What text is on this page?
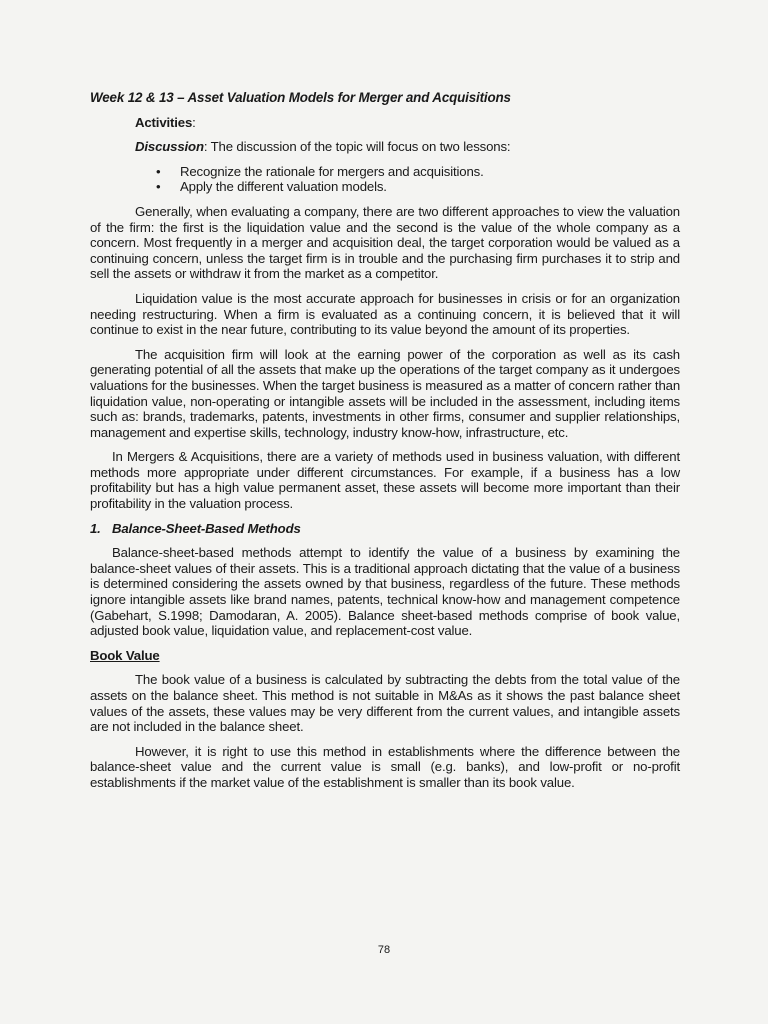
Week 12 & 13 – Asset Valuation Models for Merger and Acquisitions
Activities:
Discussion: The discussion of the topic will focus on two lessons:
• Recognize the rationale for mergers and acquisitions.
• Apply the different valuation models.

Generally, when evaluating a company, there are two different approaches to view the valuation of the firm: the first is the liquidation value and the second is the value of the whole company as a concern. Most frequently in a merger and acquisition deal, the target corporation would be valued as a continuing concern, unless the target firm is in trouble and the purchasing firm purchases it to strip and sell the assets or withdraw it from the market as a competitor.

Liquidation value is the most accurate approach for businesses in crisis or for an organization needing restructuring. When a firm is evaluated as a continuing concern, it is believed that it will continue to exist in the near future, contributing to its value beyond the amount of its properties.

The acquisition firm will look at the earning power of the corporation as well as its cash generating potential of all the assets that make up the operations of the target company as it undergoes valuations for the businesses. When the target business is measured as a matter of concern rather than liquidation value, non-operating or intangible assets will be included in the assessment, including items such as: brands, trademarks, patents, investments in other firms, consumer and supplier relationships, management and expertise skills, technology, industry know-how, infrastructure, etc.

In Mergers & Acquisitions, there are a variety of methods used in business valuation, with different methods more appropriate under different circumstances. For example, if a business has a low profitability but has a high value permanent asset, these assets will become more important than their profitability in the valuation process.

1. Balance-Sheet-Based Methods

Balance-sheet-based methods attempt to identify the value of a business by examining the balance-sheet values of their assets. This is a traditional approach dictating that the value of a business is determined considering the assets owned by that business, regardless of the future. These methods ignore intangible assets like brand names, patents, technical know-how and management competence (Gabehart, S.1998; Damodaran, A. 2005). Balance sheet-based methods comprise of book value, adjusted book value, liquidation value, and replacement-cost value.

Book Value

The book value of a business is calculated by subtracting the debts from the total value of the assets on the balance sheet. This method is not suitable in M&As as it shows the past balance sheet values of the assets, these values may be very different from the current values, and intangible assets are not included in the balance sheet.

However, it is right to use this method in establishments where the difference between the balance-sheet value and the current value is small (e.g. banks), and low-profit or no-profit establishments if the market value of the establishment is smaller than its book value.

78
